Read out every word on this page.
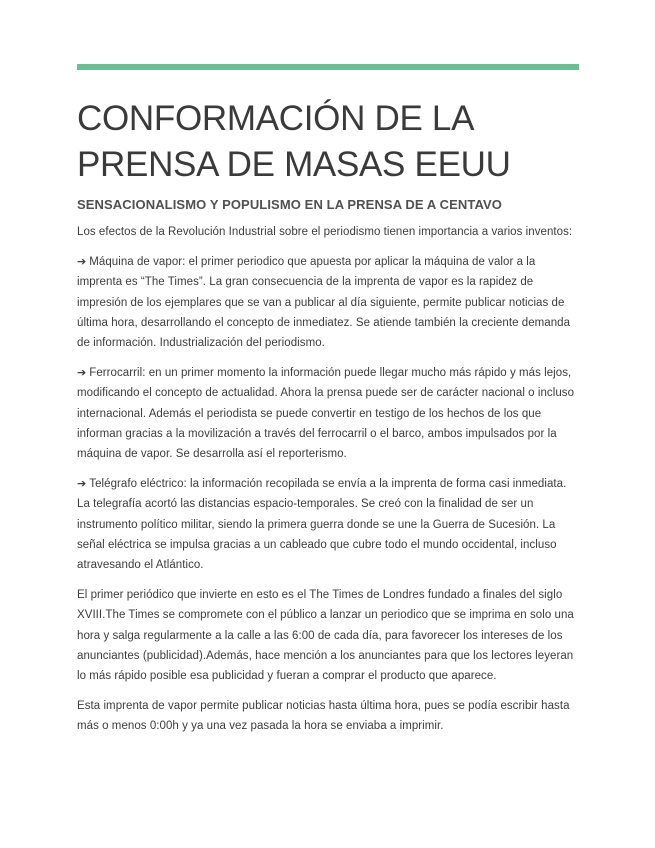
CONFORMACIÓN DE LA
PRENSA DE MASAS EEUU
SENSACIONALISMO Y POPULISMO EN LA PRENSA DE A CENTAVO

Los efectos de la Revolución Industrial sobre el periodismo tienen importancia a varios inventos:

➔ Máquina de vapor: el primer periodico que apuesta por aplicar la máquina de valor a la imprenta es “The Times”. La gran consecuencia de la imprenta de vapor es la rapidez de impresión de los ejemplares que se van a publicar al día siguiente, permite publicar noticias de última hora, desarrollando el concepto de inmediatez. Se atiende también la creciente demanda de información. Industrialización del periodismo.

➔ Ferrocarril: en un primer momento la información puede llegar mucho más rápido y más lejos, modificando el concepto de actualidad. Ahora la prensa puede ser de carácter nacional o incluso internacional. Además el periodista se puede convertir en testigo de los hechos de los que informan gracias a la movilización a través del ferrocarril o el barco, ambos impulsados por la máquina de vapor. Se desarrolla así el reporterismo.

➔ Telégrafo eléctrico: la información recopilada se envía a la imprenta de forma casi inmediata. La telegrafía acortó las distancias espacio-temporales. Se creó con la finalidad de ser un instrumento político militar, siendo la primera guerra donde se une la Guerra de Sucesión. La señal eléctrica se impulsa gracias a un cableado que cubre todo el mundo occidental, incluso atravesando el Atlántico.

El primer periódico que invierte en esto es el The Times de Londres fundado a finales del siglo XVIII.The Times se compromete con el público a lanzar un periodico que se imprima en solo una hora y salga regularmente a la calle a las 6:00 de cada día, para favorecer los intereses de los anunciantes (publicidad).Además, hace mención a los anunciantes para que los lectores leyeran lo más rápido posible esa publicidad y fueran a comprar el producto que aparece.

Esta imprenta de vapor permite publicar noticias hasta última hora, pues se podía escribir hasta más o menos 0:00h y ya una vez pasada la hora se enviaba a imprimir.
